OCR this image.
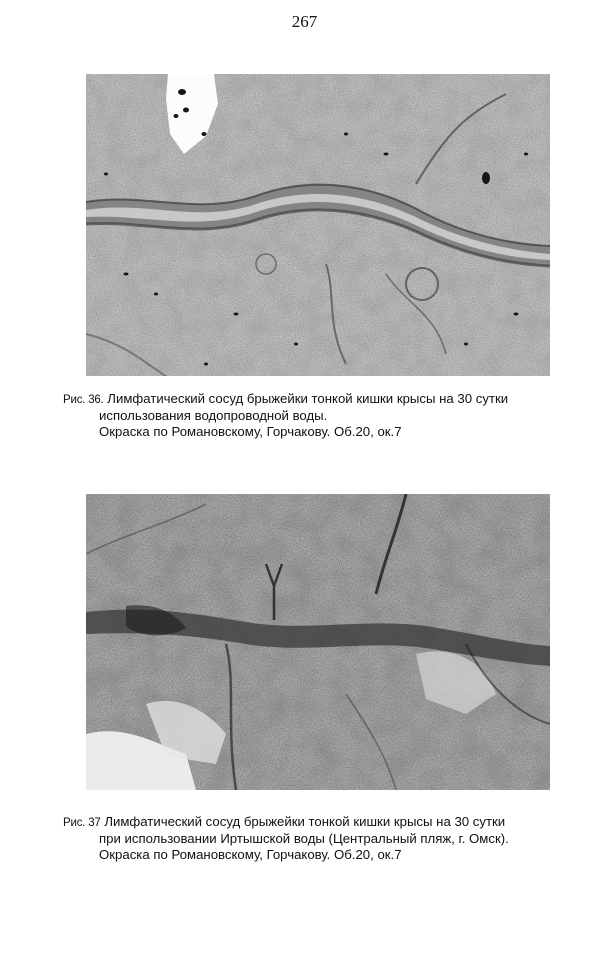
267
Рис. 36. Лимфатический сосуд брыжейки тонкой кишки крысы на 30 сутки
использования водопроводной воды.
Окраска по Романовскому, Горчакову. Об.20, ок.7
Рис. 37 Лимфатический сосуд брыжейки тонкой кишки крысы на 30 сутки
при использовании Иртышской воды (Центральный пляж, г. Омск).
Окраска по Романовскому, Горчакову. Об.20, ок.7
